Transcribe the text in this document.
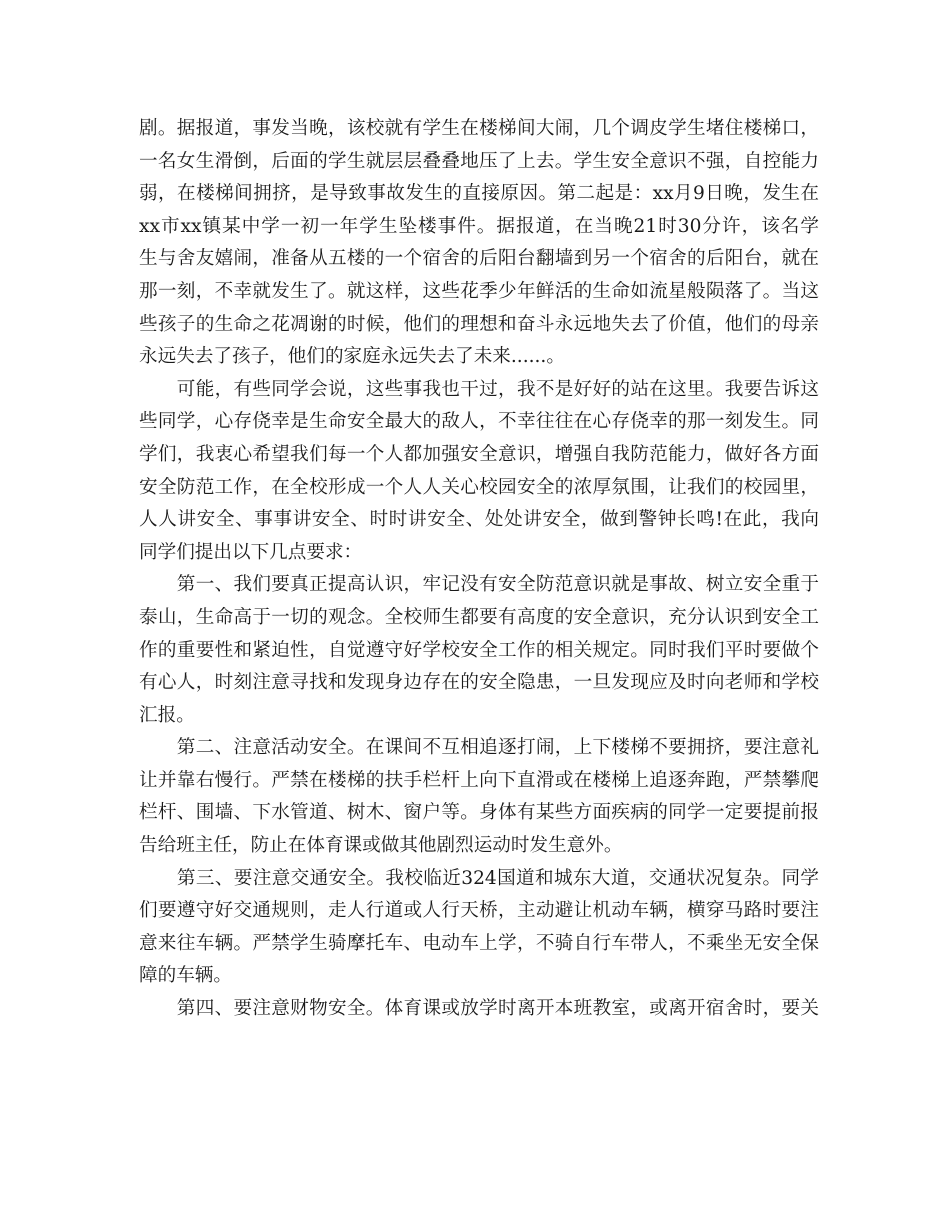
剧。据报道，事发当晚，该校就有学生在楼梯间大闹，几个调皮学生堵住楼梯口，
一名女生滑倒，后面的学生就层层叠叠地压了上去。学生安全意识不强，自控能力
弱，在楼梯间拥挤，是导致事故发生的直接原因。第二起是：xx月9日晚，发生在
xx市xx镇某中学一初一年学生坠楼事件。据报道，在当晚21时30分许，该名学
生与舍友嬉闹，准备从五楼的一个宿舍的后阳台翻墙到另一个宿舍的后阳台，就在
那一刻，不幸就发生了。就这样，这些花季少年鲜活的生命如流星般陨落了。当这
些孩子的生命之花凋谢的时候，他们的理想和奋斗永远地失去了价值，他们的母亲
永远失去了孩子，他们的家庭永远失去了未来......。
　　可能，有些同学会说，这些事我也干过，我不是好好的站在这里。我要告诉这
些同学，心存侥幸是生命安全最大的敌人，不幸往往在心存侥幸的那一刻发生。同
学们，我衷心希望我们每一个人都加强安全意识，增强自我防范能力，做好各方面
安全防范工作，在全校形成一个人人关心校园安全的浓厚氛围，让我们的校园里，
人人讲安全、事事讲安全、时时讲安全、处处讲安全，做到警钟长鸣!在此，我向
同学们提出以下几点要求：
　　第一、我们要真正提高认识，牢记没有安全防范意识就是事故、树立安全重于
泰山，生命高于一切的观念。全校师生都要有高度的安全意识，充分认识到安全工
作的重要性和紧迫性，自觉遵守好学校安全工作的相关规定。同时我们平时要做个
有心人，时刻注意寻找和发现身边存在的安全隐患，一旦发现应及时向老师和学校
汇报。
　　第二、注意活动安全。在课间不互相追逐打闹，上下楼梯不要拥挤，要注意礼
让并靠右慢行。严禁在楼梯的扶手栏杆上向下直滑或在楼梯上追逐奔跑，严禁攀爬
栏杆、围墙、下水管道、树木、窗户等。身体有某些方面疾病的同学一定要提前报
告给班主任，防止在体育课或做其他剧烈运动时发生意外。
　　第三、要注意交通安全。我校临近324国道和城东大道，交通状况复杂。同学
们要遵守好交通规则，走人行道或人行天桥，主动避让机动车辆，横穿马路时要注
意来往车辆。严禁学生骑摩托车、电动车上学，不骑自行车带人，不乘坐无安全保
障的车辆。
　　第四、要注意财物安全。体育课或放学时离开本班教室，或离开宿舍时，要关
